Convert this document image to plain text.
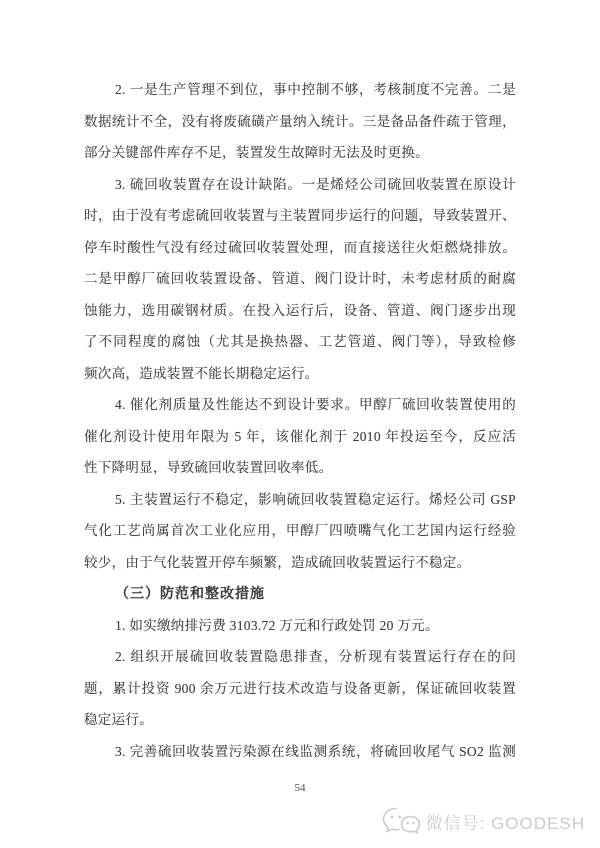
2. 一是生产管理不到位，事中控制不够，考核制度不完善。二是
数据统计不全，没有将废硫磺产量纳入统计。三是备品备件疏于管理，
部分关键部件库存不足，装置发生故障时无法及时更换。
3. 硫回收装置存在设计缺陷。一是烯烃公司硫回收装置在原设计
时，由于没有考虑硫回收装置与主装置同步运行的问题，导致装置开、
停车时酸性气没有经过硫回收装置处理，而直接送往火炬燃烧排放。
二是甲醇厂硫回收装置设备、管道、阀门设计时，未考虑材质的耐腐
蚀能力，选用碳钢材质。在投入运行后，设备、管道、阀门逐步出现
了不同程度的腐蚀（尤其是换热器、工艺管道、阀门等），导致检修
频次高，造成装置不能长期稳定运行。
4. 催化剂质量及性能达不到设计要求。甲醇厂硫回收装置使用的
催化剂设计使用年限为 5 年，该催化剂于 2010 年投运至今，反应活
性下降明显，导致硫回收装置回收率低。
5. 主装置运行不稳定，影响硫回收装置稳定运行。烯烃公司 GSP
气化工艺尚属首次工业化应用，甲醇厂四喷嘴气化工艺国内运行经验
较少，由于气化装置开停车频繁，造成硫回收装置运行不稳定。
（三）防范和整改措施
1. 如实缴纳排污费 3103.72 万元和行政处罚 20 万元。
2. 组织开展硫回收装置隐患排查，分析现有装置运行存在的问
题，累计投资 900 余万元进行技术改造与设备更新，保证硫回收装置
稳定运行。
3. 完善硫回收装置污染源在线监测系统，将硫回收尾气 SO2 监测
54
微信号: GOODESH
